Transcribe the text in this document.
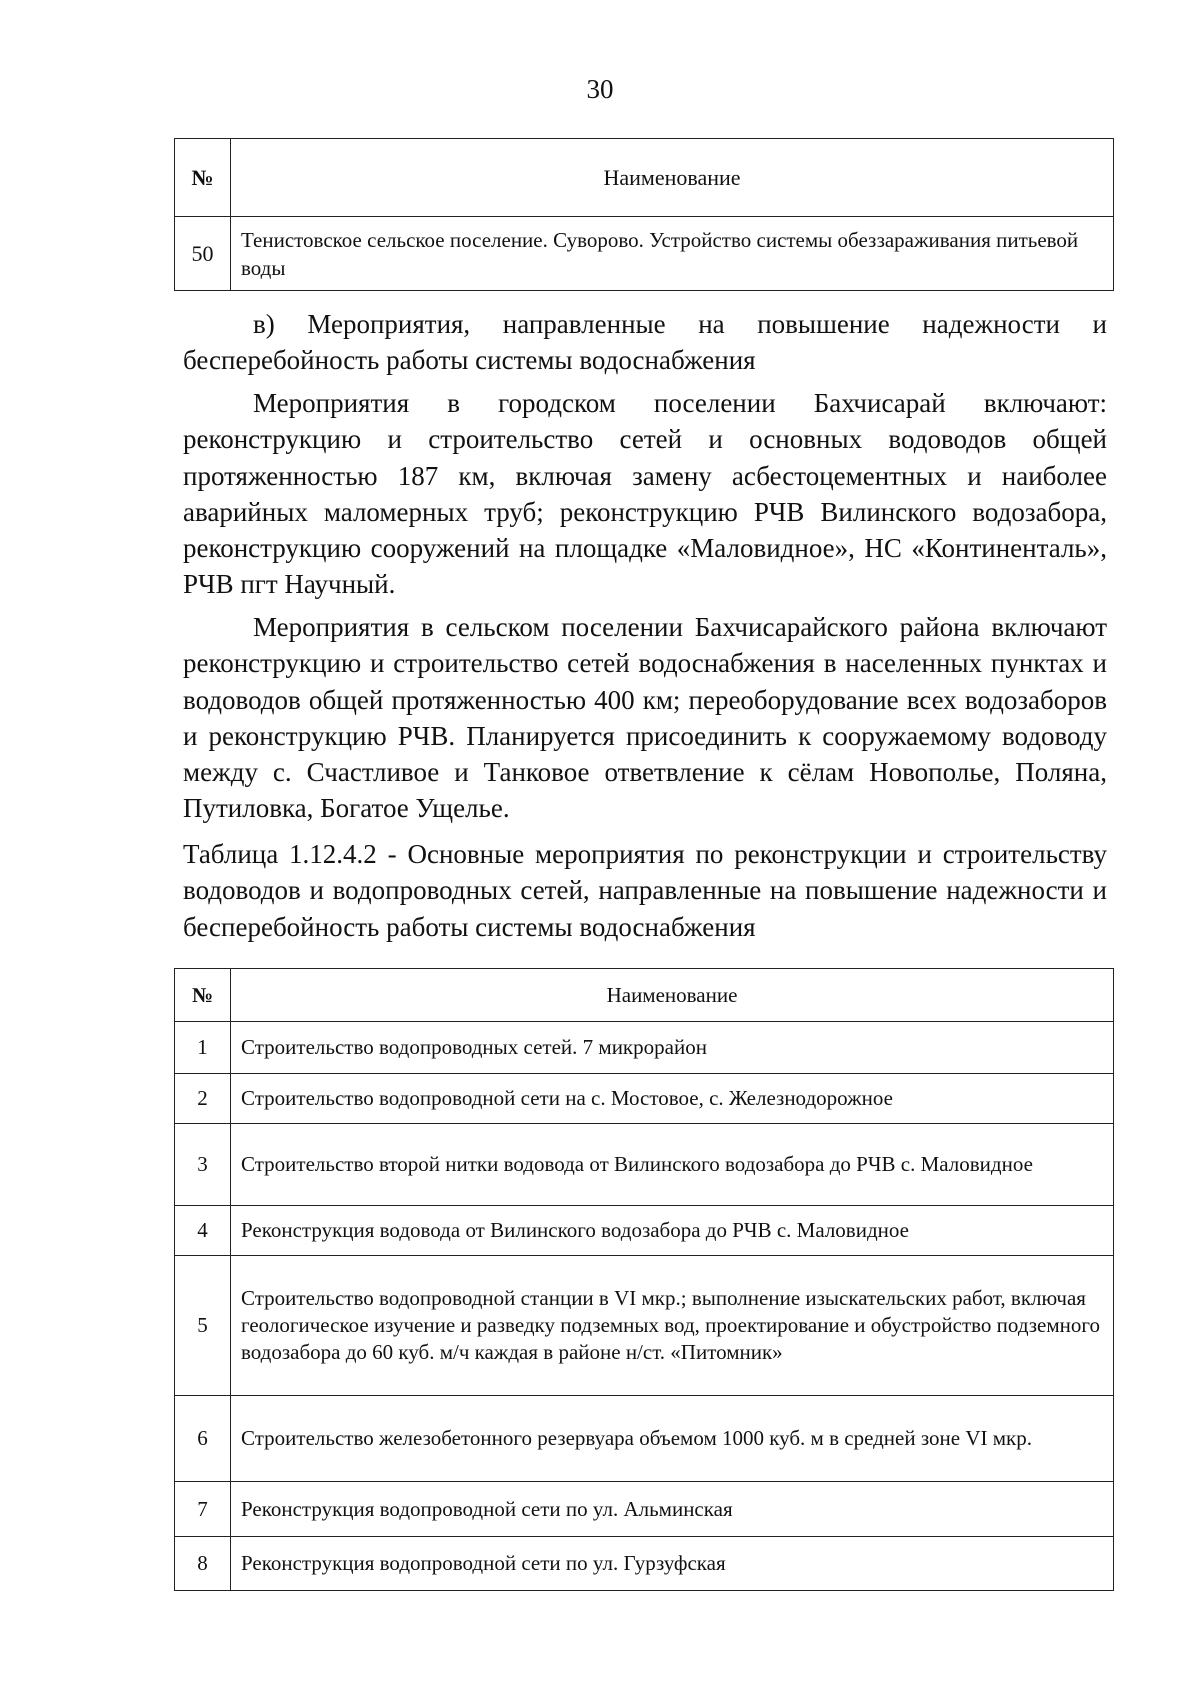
30
№	Наименование
50	Тенистовское сельское поселение. Суворово. Устройство системы обеззараживания питьевой воды

в) Мероприятия, направленные на повышение надежности и бесперебойность работы системы водоснабжения

Мероприятия в городском поселении Бахчисарай включают: реконструкцию и строительство сетей и основных водоводов общей протяженностью 187 км, включая замену асбестоцементных и наиболее аварийных маломерных труб; реконструкцию РЧВ Вилинского водозабора, реконструкцию сооружений на площадке «Маловидное», НС «Континенталь», РЧВ пгт Научный.

Мероприятия в сельском поселении Бахчисарайского района включают реконструкцию и строительство сетей водоснабжения в населенных пунктах и водоводов общей протяженностью 400 км; переоборудование всех водозаборов и реконструкцию РЧВ. Планируется присоединить к сооружаемому водоводу между с. Счастливое и Танковое ответвление к сёлам Новополье, Поляна, Путиловка, Богатое Ущелье.

Таблица 1.12.4.2 - Основные мероприятия по реконструкции и строительству водоводов и водопроводных сетей, направленные на повышение надежности и бесперебойность работы системы водоснабжения

№	Наименование
1	Строительство водопроводных сетей. 7 микрорайон
2	Строительство водопроводной сети на с. Мостовое, с. Железнодорожное
3	Строительство второй нитки водовода от Вилинского водозабора до РЧВ с. Маловидное
4	Реконструкция водовода от Вилинского водозабора до РЧВ с. Маловидное
5	Строительство водопроводной станции в VI мкр.; выполнение изыскательских работ, включая геологическое изучение и разведку подземных вод, проектирование и обустройство подземного водозабора до 60 куб. м/ч каждая в районе н/ст. «Питомник»
6	Строительство железобетонного резервуара объемом 1000 куб. м в средней зоне VI мкр.
7	Реконструкция водопроводной сети по ул. Альминская
8	Реконструкция водопроводной сети по ул. Гурзуфская
